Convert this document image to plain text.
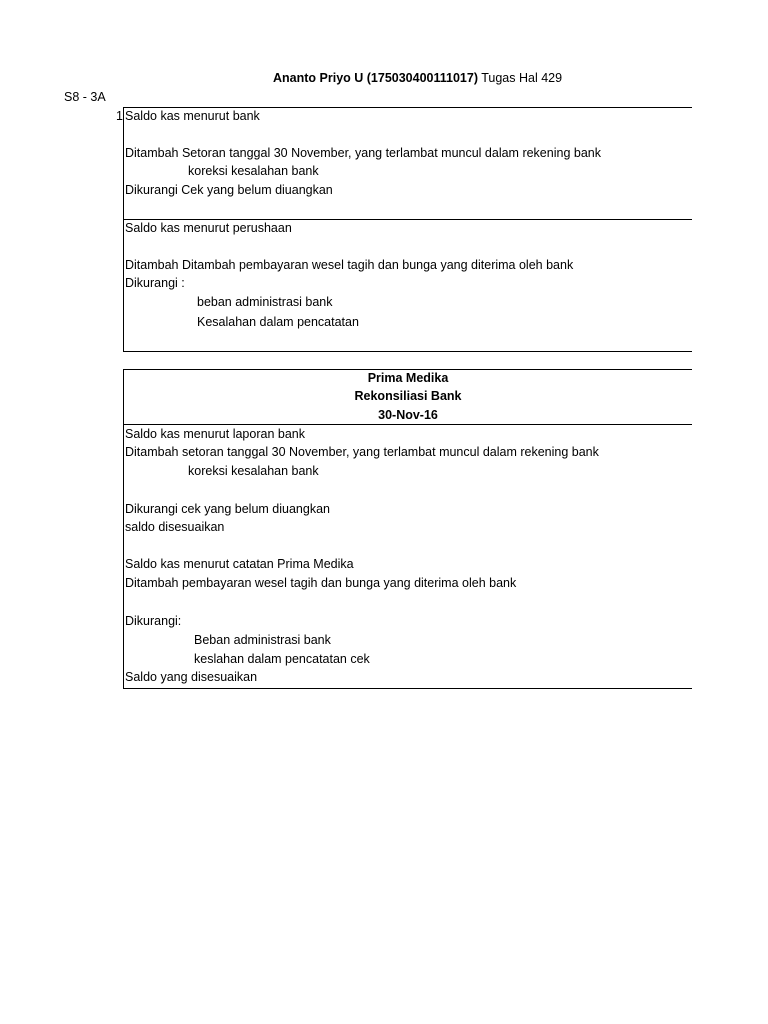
Ananto Priyo U (175030400111017) Tugas Hal 429
S8 - 3A
1 Saldo kas menurut bank
Ditambah Setoran tanggal 30 November, yang terlambat muncul dalam rekening bank
koreksi kesalahan bank
Dikurangi Cek yang belum diuangkan
Saldo kas menurut perushaan
Ditambah Ditambah pembayaran wesel tagih dan bunga yang diterima oleh bank
Dikurangi :
beban administrasi bank
Kesalahan dalam pencatatan
Prima Medika
Rekonsiliasi Bank
30-Nov-16
Saldo kas menurut laporan bank
Ditambah setoran tanggal 30 November, yang terlambat muncul dalam rekening bank
koreksi kesalahan bank
Dikurangi cek yang belum diuangkan
saldo disesuaikan
Saldo kas menurut catatan Prima Medika
Ditambah pembayaran wesel tagih dan bunga yang diterima oleh bank
Dikurangi:
Beban administrasi bank
keslahan dalam pencatatan cek
Saldo yang disesuaikan
